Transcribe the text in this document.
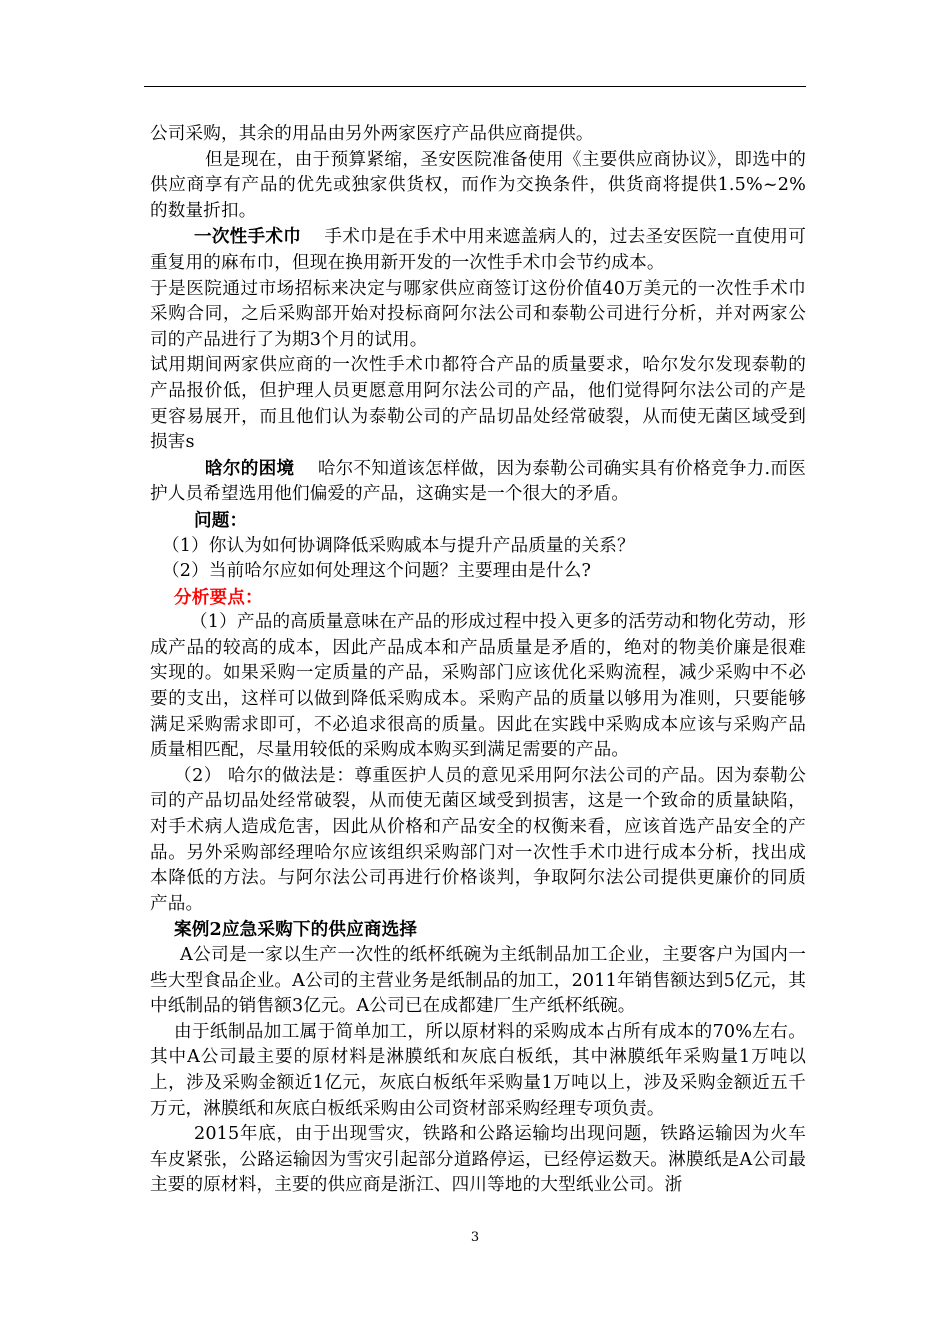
公司采购，其余的用品由另外两家医疗产品供应商提供。

但是现在，由于预算紧缩，圣安医院准备使用《主要供应商协议》，即选中的供应商享有产品的优先或独家供货权，而作为交换条件，供货商将提供1.5%~2%的数量折扣。

一次性手术巾 手术巾是在手术中用来遮盖病人的，过去圣安医院一直使用可重复用的麻布巾，但现在换用新开发的一次性手术巾会节约成本。

于是医院通过市场招标来决定与哪家供应商签订这份价值40万美元的一次性手术巾采购合同，之后采购部开始对投标商阿尔法公司和泰勒公司进行分析，并对两家公司的产品进行了为期3个月的试用。

试用期间两家供应商的一次性手术巾都符合产品的质量要求，哈尔发尔发现泰勒的产品报价低，但护理人员更愿意用阿尔法公司的产品，他们觉得阿尔法公司的产是更容易展开，而且他们认为泰勒公司的产品切品处经常破裂，从而使无菌区域受到损害s

晗尔的困境 哈尔不知道该怎样做，因为泰勒公司确实具有价格竞争力.而医护人员希望选用他们偏爱的产品，这确实是一个很大的矛盾。

问题：

（1）你认为如何协调降低采购戚本与提升产品质量的关系？

（2）当前哈尔应如何处理这个问题？主要理由是什么?

分析要点：

（1）产品的高质量意味在产品的形成过程中投入更多的活劳动和物化劳动，形成产品的较高的成本，因此产品成本和产品质量是矛盾的，绝对的物美价廉是很难实现的。如果采购一定质量的产品，采购部门应该优化采购流程，减少采购中不必要的支出，这样可以做到降低采购成本。采购产品的质量以够用为准则，只要能够满足采购需求即可，不必追求很高的质量。因此在实践中采购成本应该与采购产品质量相匹配，尽量用较低的采购成本购买到满足需要的产品。

（2） 哈尔的做法是：尊重医护人员的意见采用阿尔法公司的产品。因为泰勒公司的产品切品处经常破裂，从而使无菌区域受到损害，这是一个致命的质量缺陷，对手术病人造成危害，因此从价格和产品安全的权衡来看，应该首选产品安全的产品。另外采购部经理哈尔应该组织采购部门对一次性手术巾进行成本分析，找出成本降低的方法。与阿尔法公司再进行价格谈判，争取阿尔法公司提供更廉价的同质产品。

案例2应急采购下的供应商选择

A公司是一家以生产一次性的纸杯纸碗为主纸制品加工企业，主要客户为国内一些大型食品企业。A公司的主营业务是纸制品的加工，2011年销售额达到5亿元，其中纸制品的销售额3亿元。A公司已在成都建厂生产纸杯纸碗。

由于纸制品加工属于简单加工，所以原材料的采购成本占所有成本的70%左右。其中A公司最主要的原材料是淋膜纸和灰底白板纸，其中淋膜纸年采购量1万吨以上，涉及采购金额近1亿元，灰底白板纸年采购量1万吨以上，涉及采购金额近五千万元，淋膜纸和灰底白板纸采购由公司资材部采购经理专项负责。

2015年底，由于出现雪灾，铁路和公路运输均出现问题，铁路运输因为火车车皮紧张，公路运输因为雪灾引起部分道路停运，已经停运数天。淋膜纸是A公司最主要的原材料，主要的供应商是浙江、四川等地的大型纸业公司。浙

3
